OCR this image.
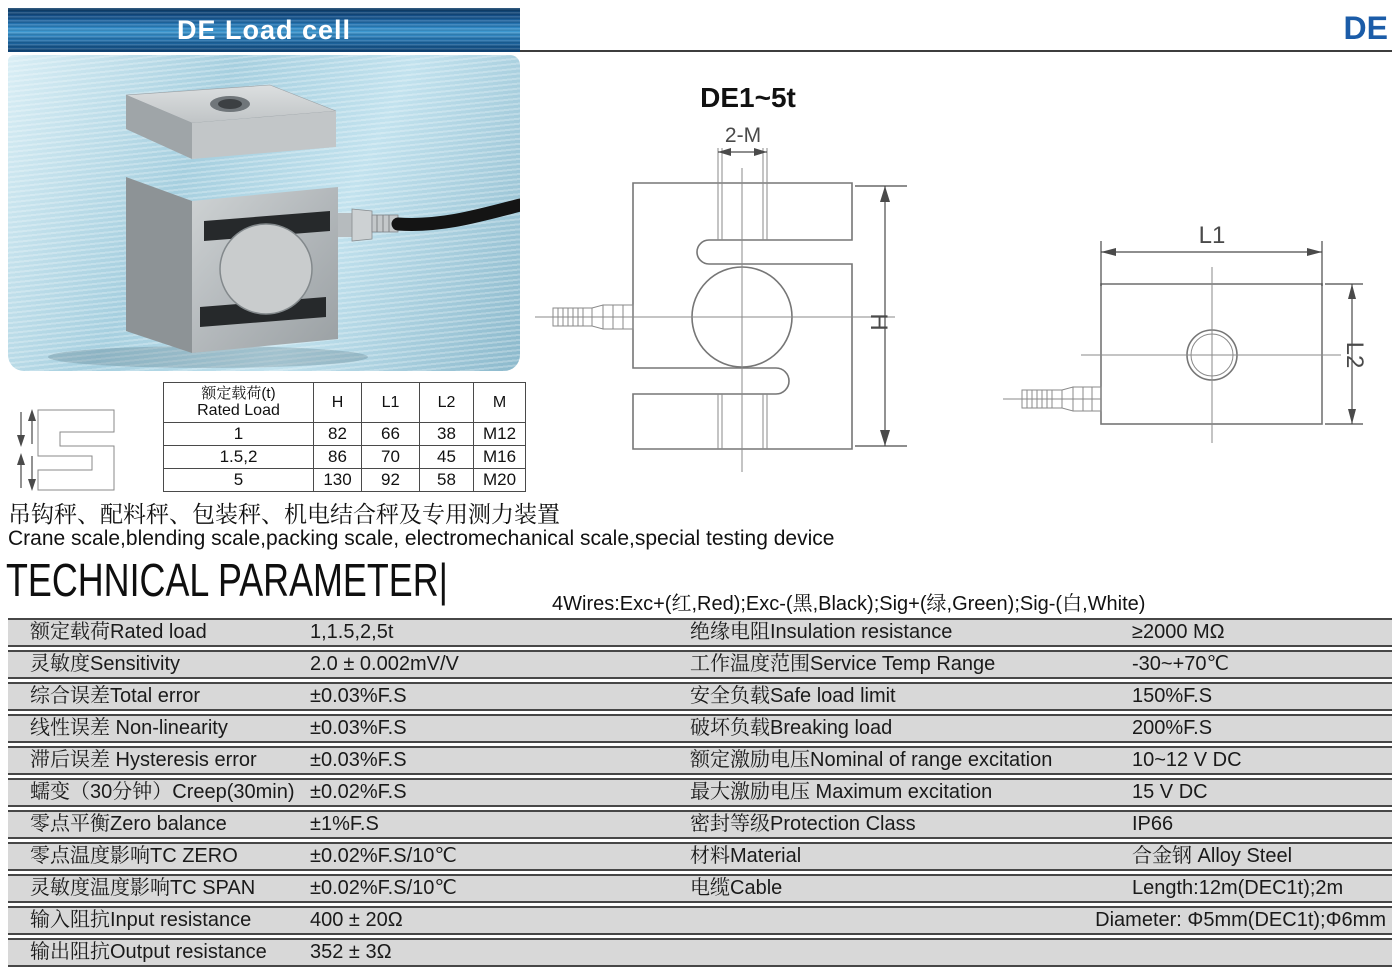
DE Load cell	DE
DE1~5t
2-M
H
L1
L2
额定载荷(t)
Rated Load	H	L1	L2	M
1	82	66	38	M12
1.5,2	86	70	45	M16
5	130	92	58	M20
吊钩秤、配料秤、包装秤、机电结合秤及专用测力装置
Crane scale,blending scale,packing scale, electromechanical scale,special testing device
TECHNICAL PARAMETER|	4Wires:Exc+(红,Red);Exc-(黑,Black);Sig+(绿,Green);Sig-(白,White)
额定载荷Rated load	1,1.5,2,5t	绝缘电阻Insulation resistance	≥2000 MΩ
灵敏度Sensitivity	2.0 ± 0.002mV/V	工作温度范围Service Temp Range	-30~+70℃
综合误差Total error	±0.03%F.S	安全负载Safe load limit	150%F.S
线性误差 Non-linearity	±0.03%F.S	破坏负载Breaking load	200%F.S
滞后误差 Hysteresis error	±0.03%F.S	额定激励电压Nominal of range excitation	10~12 V DC
蠕变（30分钟）Creep(30min) ±0.02%F.S	最大激励电压 Maximum excitation	15 V DC
零点平衡Zero balance	±1%F.S	密封等级Protection Class	IP66
零点温度影响TC ZERO	±0.02%F.S/10℃	材料Material	合金钢 Alloy Steel
灵敏度温度影响TC SPAN	±0.02%F.S/10℃	电缆Cable	Length:12m(DEC1t);2m
输入阻抗Input resistance	400 ± 20Ω	Diameter: Φ5mm(DEC1t);Φ6mm
输出阻抗Output resistance	352 ± 3Ω
